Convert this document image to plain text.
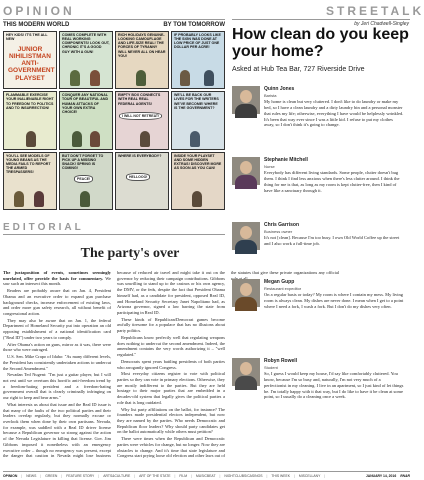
OPINION	STREETALK
THIS MODERN WORLD	BY TOM TOMORROW
HEY KIDS! IT'S THE ALL NEW
JUNIOR NIHILISTMAN ANTI-GOVERNMENT PLAYSET
COMES COMPLETE WITH REAL WORKING COMPONENTS! LOOK OUT, CHRONIC IT'S A GOOD GUY WITH A GUN!
RICH HOLIDAYS GENUINE-LOOKING CAMOUFLAGE AND LIFE-SIZE REAL! THE FORCES OF TYRANNY WILL NEVER ALL ON HEAR YOU!
IF PROBABLY LOOKS LIKE THE SIGN WAS DONE AT LOW PRICE OF JUST ONE DOLLAR PER ACRE!
FLAMMABLE EXERCISE YOUR INALIENABLE RIGHT TO FREEDOM TO POLITICS AND TO INSURRECTION!
CONQUER ANY NATIONAL TOUR OF BEAUTIFUL AND HUMAN ATTACKS OF YOUR OWN EXTRA CHOICE!
EMPTY BOX CONNECTS WITH REAL REAL FEDERAL AGENTS!
I WILL NOT RETREAT!
WE'LL BE BACK OUR LIVES FOR THE WRITERS WE'VE BECOME! WHERE IS THE GOVERNMENT?
YOU'LL SEE MODELS OF YOUNG BEANS AS THE MEDIA FAILS TO REPORT THE ARMED TRESPASSERS!
BUT DON'T FORGET TO PICK UP A MISSING SNACK! SPRING IS COMING!
PEACE!
WHERE IS EVERYBODY?
HELLOOO!
INSIDE YOUR PLAYSET AND SOME HIDDEN EXTRAS! DISCOVER MORE AS SOON AS YOU CAN!
EDITORIAL
The party's over

The juxtaposition of events, sometimes seemingly unrelated, offer provide the basis for commentary. We saw such an intersect this month.

Readers are probably aware that on Jan. 4, President Obama and an executive order to expand gun purchase background checks, increase enforcement of existing laws, and order more gun safety research, all without benefit of congressional action.

They may also be aware that on Jan. 1, the federal Department of Homeland Security put into operation an old opposing establishment of a national identification card ("Real ID") under two years to comply.

After Obama's action on guns, mirror as it was, there were those who were outraged.

U.S. Sen. Mike Crapo of Idaho: "As many different levels, the President has consistently undertaken actions to undercut the Second Amendment."

Nevadan Ted Nugent: "I'm just a guitar player, but I will not rest until we overturn this horrific anti-freedom trend by a freedom-hating president and a freedom-hating government overall that is clearly criminally infringing on our right to keep and bear arms."

What interests us about that issue and the Real ID issue is that many of the faults of the two political parties and their leaders overlap regularly, but they normally excuse or overlook them when done by their own partisans. Nevada, for example, was saddled with a Real ID driver license because a Republican governor so strong against the action of the Nevada Legislature in killing that license. Gov. Jim Gibbons imposed it nonetheless with an emergency executive order – though no emergency was present, except the danger that caution in Nevada might lose business because of reduced air travel and might take it out on the governor by reducing their campaign contributions. Gibbons was unwilling to stand up to the casinos or his own agency, the DMV, or the feds, despite the fact that President Obama himself had, as a candidate for president, opposed Real ID, and Homeland Security Secretary Janet Napolitano had, as Arizona governor, signed a law barring the state from participating in Real ID.

These kinds of Republican/Democrat games become awfully tiresome for a populace that has no illusions about party politics.

Republicans know perfectly well that regulating weapons does nothing to undercut the second amendment. Indeed, the amendment contains the very words authorizing it – "well regulated."

Democrats spent years battling presidents of both parties who arrogantly ignored Congress.

Most everyday citizens register to vote with political parties so they can vote in primary elections. Otherwise, they are mostly indifferent to the parties. But they are held hostage to their major parties that are embedded in a decades-old system that legally gives the political parties a role that is long outdated.

Why list party affiliations on the ballot, for instance? The founders made presidential electors independent, but now they are named by the parties. Who needs Democratic and Republican floor leaders? Why should party candidates get on the ballot automatically while others must petition?

There were times when the Republican and Democratic parties were vehicles for change, but no longer. Now they are obstacles to change. And it's time that state legislature and Congress start prying loose old election and other laws out of the statutes that give these private organizations any official

by Jeri Chadwell-Singley
How clean do you keep your home?
Asked at Hub Tea Bar, 727 Riverside Drive
Quinn Jones
Barista
My home is clean but very cluttered. I don't like to do laundry or make my bed, so I have a clean laundry and a dirty laundry bin and a personal monster that rules my life; otherwise, everything I have would be helplessly wrinkled. It's been that way ever since I was a little kid. I refuse to put my clothes away, so I don't think it's going to change.
Stephanie Mitchell
Nurse
Everybody has different living standards. Some people, clutter doesn't bug them. I think I find less anxious when there's less clutter around. I think the thing for me is that, as long as my room is kept clutter-free, then I kind of have like a sanctuary through it.
Chris Garrison
Business owner
It's not [clean]. Because I'm too busy. I own Old World Coffee up the street and I also work a full-time job.
Megan Gupp
Restaurant expeditor
On a regular basis or today? My room is where I contain my mess. My living room is always clean. My dishes are never done. I mean when I get to a point where I need a fork, I wash a fork. But I don't do my dishes very often.
Robyn Rowell
Student
So, I guess I would keep my house, I'd say like comfortably cluttered. You know, because I'm so busy and, naturally, I'm not very much of a perfectionist in my cleaning. I live in an apartment, so I just kind of let things be. I'm totally happy with it that way, but I do like to have it be clean at some point, so I usually do a cleaning once a week.
OPINION | NEWS | GREEN | FEATURE STORY | ARTS&CULTURE | ART OF THE STATE | FILM | MUSICBEAT | NIGHTCLUBS/CASINOS | THIS WEEK | MISCELLANY |	JANUARY 14, 2016 RN&R
